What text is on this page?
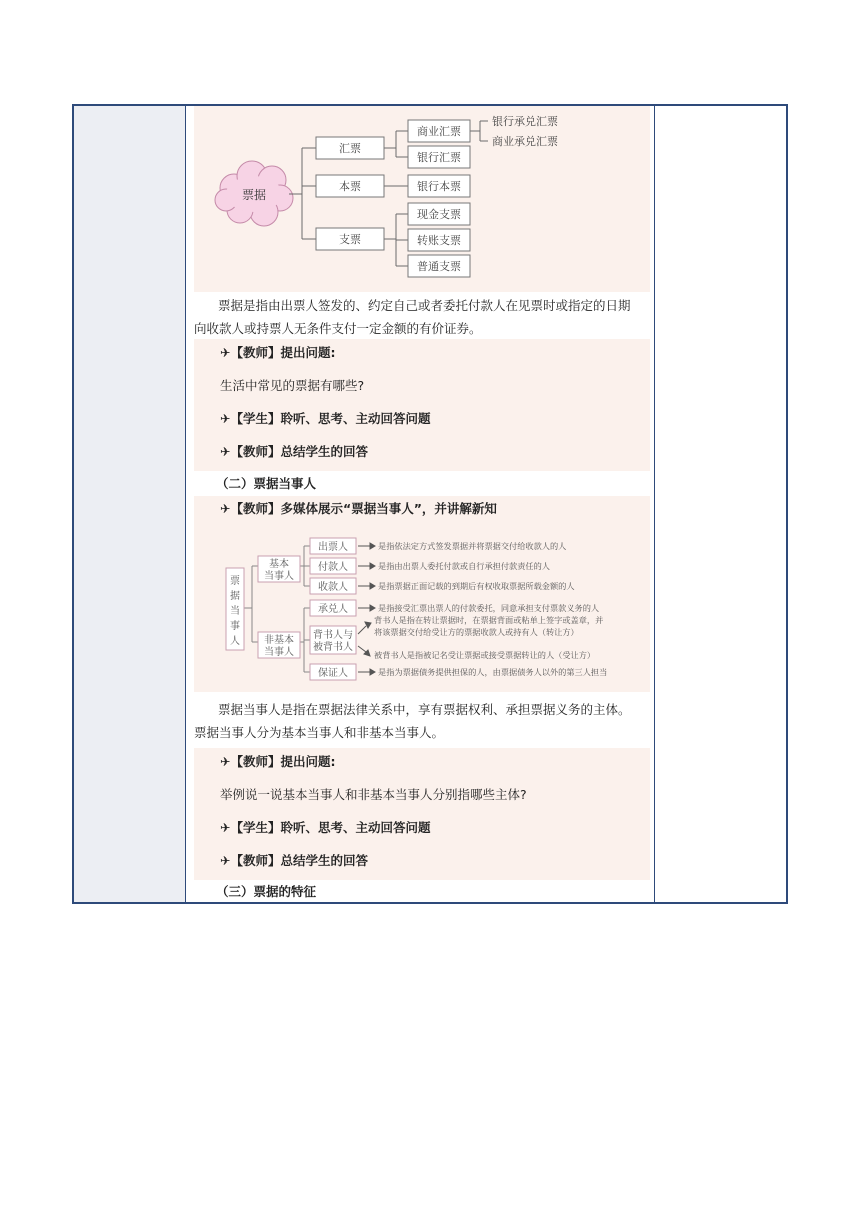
票据
汇票
本票
支票
商业汇票
银行汇票
银行本票
现金支票
转账支票
普通支票
银行承兑汇票
商业承兑汇票
票据是指由出票人签发的、约定自己或者委托付款人在见票时或指定的日期
向收款人或持票人无条件支付一定金额的有价证券。
✈【教师】提出问题:
生活中常见的票据有哪些?
✈【学生】聆听、思考、主动回答问题
✈【教师】总结学生的回答
（二）票据当事人
✈【教师】多媒体展示“票据当事人”，并讲解新知
票
据
当
事
人
基本
当事人
非基本
当事人
出票人
付款人
收款人
承兑人
背书人与
被背书人
保证人
是指依法定方式签发票据并将票据交付给收款人的人
是指由出票人委托付款或自行承担付款责任的人
是指票据正面记载的到期后有权收取票据所载金额的人
是指接受汇票出票人的付款委托，同意承担支付票款义务的人
背书人是指在转让票据时，在票据背面或粘单上签字或盖章，并
将该票据交付给受让方的票据收款人或持有人（转让方）
被背书人是指被记名受让票据或接受票据转让的人（受让方）
是指为票据债务提供担保的人，由票据债务人以外的第三人担当
票据当事人是指在票据法律关系中，享有票据权利、承担票据义务的主体。
票据当事人分为基本当事人和非基本当事人。
✈【教师】提出问题:
举例说一说基本当事人和非基本当事人分别指哪些主体?
✈【学生】聆听、思考、主动回答问题
✈【教师】总结学生的回答
（三）票据的特征
